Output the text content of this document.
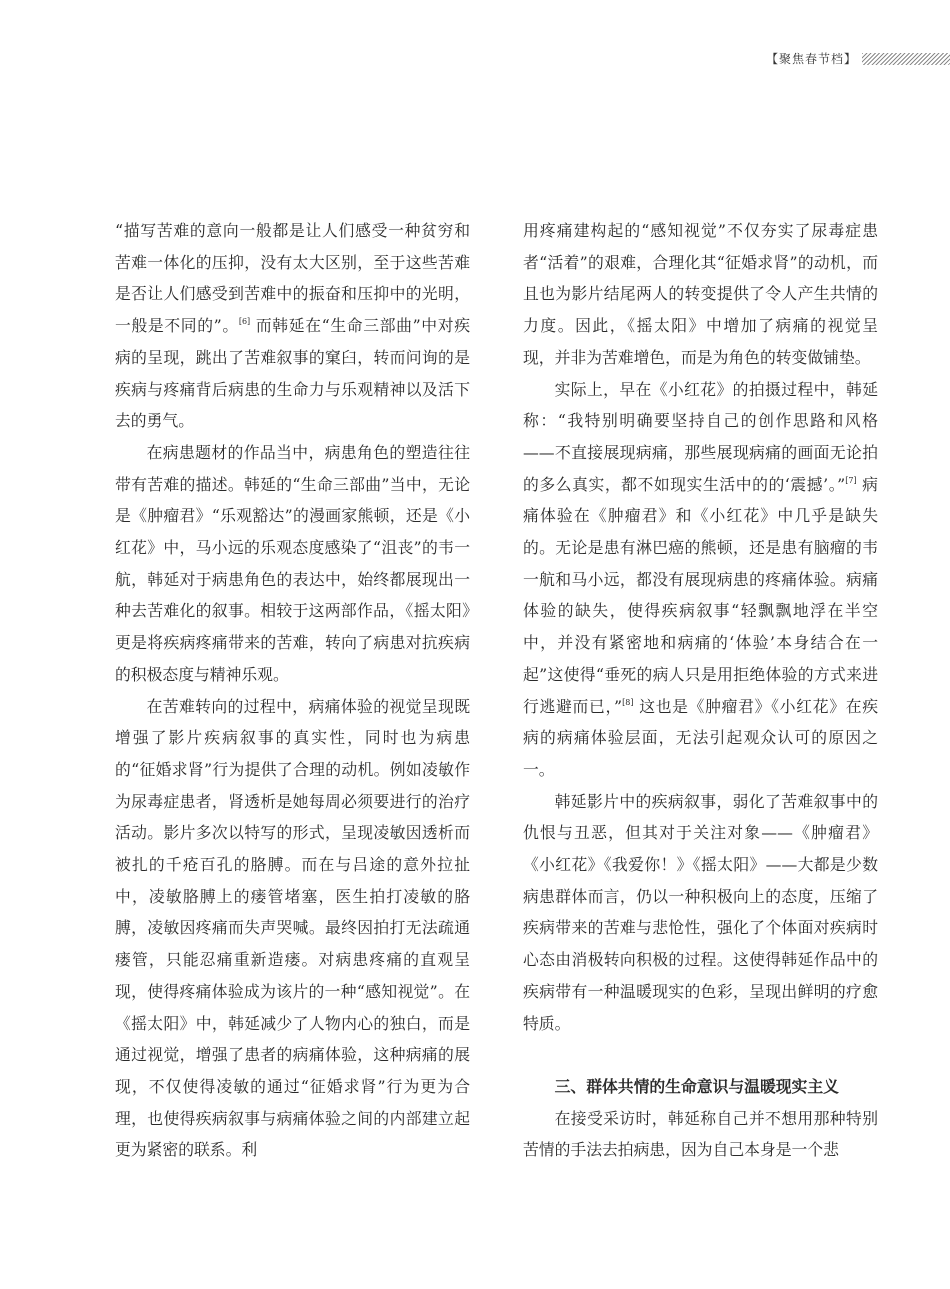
【聚焦春节档】

“描写苦难的意向一般都是让人们感受一种贫穷和苦难一体化的压抑，没有太大区别，至于这些苦难是否让人们感受到苦难中的振奋和压抑中的光明，一般是不同的”。[6] 而韩延在“生命三部曲”中对疾病的呈现，跳出了苦难叙事的窠臼，转而问询的是疾病与疼痛背后病患的生命力与乐观精神以及活下去的勇气。

在病患题材的作品当中，病患角色的塑造往往带有苦难的描述。韩延的“生命三部曲”当中，无论是《肿瘤君》“乐观豁达”的漫画家熊顿，还是《小红花》中，马小远的乐观态度感染了“沮丧”的韦一航，韩延对于病患角色的表达中，始终都展现出一种去苦难化的叙事。相较于这两部作品，《摇太阳》更是将疾病疼痛带来的苦难，转向了病患对抗疾病的积极态度与精神乐观。

在苦难转向的过程中，病痛体验的视觉呈现既增强了影片疾病叙事的真实性，同时也为病患的“征婚求肾”行为提供了合理的动机。例如凌敏作为尿毒症患者，肾透析是她每周必须要进行的治疗活动。影片多次以特写的形式，呈现凌敏因透析而被扎的千疮百孔的胳膊。而在与吕途的意外拉扯中，凌敏胳膊上的瘘管堵塞，医生拍打凌敏的胳膊，凌敏因疼痛而失声哭喊。最终因拍打无法疏通瘘管，只能忍痛重新造瘘。对病患疼痛的直观呈现，使得疼痛体验成为该片的一种“感知视觉”。在《摇太阳》中，韩延减少了人物内心的独白，而是通过视觉，增强了患者的病痛体验，这种病痛的展现，不仅使得凌敏的通过“征婚求肾”行为更为合理，也使得疾病叙事与病痛体验之间的内部建立起更为紧密的联系。利

用疼痛建构起的“感知视觉”不仅夯实了尿毒症患者“活着”的艰难，合理化其“征婚求肾”的动机，而且也为影片结尾两人的转变提供了令人产生共情的力度。因此，《摇太阳》中增加了病痛的视觉呈现，并非为苦难增色，而是为角色的转变做铺垫。

实际上，早在《小红花》的拍摄过程中，韩延称：“我特别明确要坚持自己的创作思路和风格——不直接展现病痛，那些展现病痛的画面无论拍的多么真实，都不如现实生活中的的‘震撼’。”[7] 病痛体验在《肿瘤君》和《小红花》中几乎是缺失的。无论是患有淋巴癌的熊顿，还是患有脑瘤的韦一航和马小远，都没有展现病患的疼痛体验。病痛体验的缺失，使得疾病叙事“轻飘飘地浮在半空中，并没有紧密地和病痛的‘体验’本身结合在一起”这使得“垂死的病人只是用拒绝体验的方式来进行逃避而已，”[8] 这也是《肿瘤君》《小红花》在疾病的病痛体验层面，无法引起观众认可的原因之一。

韩延影片中的疾病叙事，弱化了苦难叙事中的仇恨与丑恶，但其对于关注对象——《肿瘤君》《小红花》《我爱你！》《摇太阳》——大都是少数病患群体而言，仍以一种积极向上的态度，压缩了疾病带来的苦难与悲怆性，强化了个体面对疾病时心态由消极转向积极的过程。这使得韩延作品中的疾病带有一种温暖现实的色彩，呈现出鲜明的疗愈特质。

三、群体共情的生命意识与温暖现实主义

在接受采访时，韩延称自己并不想用那种特别苦情的手法去拍病患，因为自己本身是一个悲
